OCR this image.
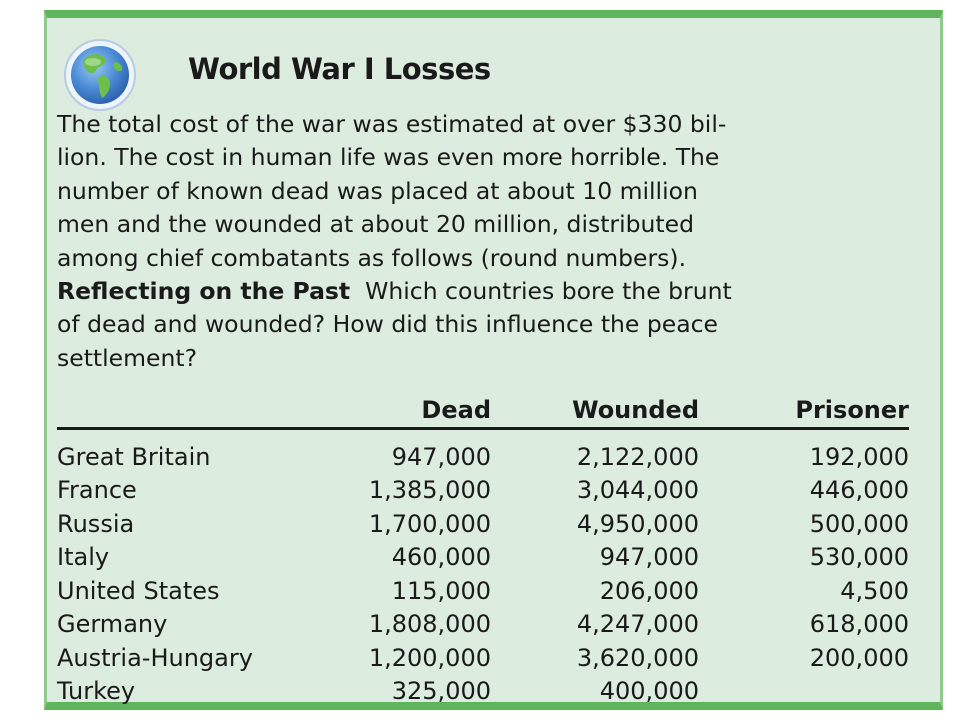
World War I Losses
The total cost of the war was estimated at over $330 bil-
lion. The cost in human life was even more horrible. The
number of known dead was placed at about 10 million
men and the wounded at about 20 million, distributed
among chief combatants as follows (round numbers).
Reflecting on the Past Which countries bore the brunt
of dead and wounded? How did this influence the peace
settlement?
	Dead	Wounded	Prisoner
Great Britain	947,000	2,122,000	192,000
France	1,385,000	3,044,000	446,000
Russia	1,700,000	4,950,000	500,000
Italy	460,000	947,000	530,000
United States	115,000	206,000	4,500
Germany	1,808,000	4,247,000	618,000
Austria-Hungary	1,200,000	3,620,000	200,000
Turkey	325,000	400,000	
